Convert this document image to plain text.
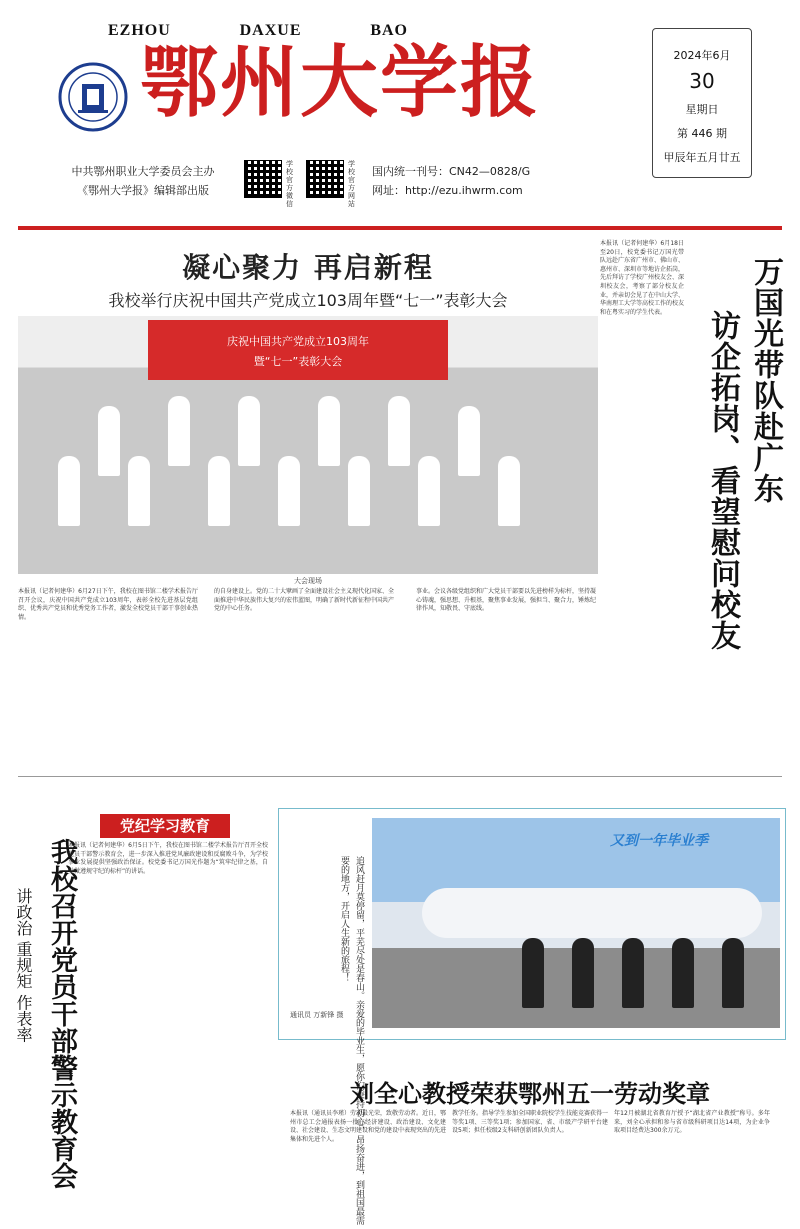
EZHOU	DAXUE	BAO
鄂州大学报	2024年6月
30
星期日
第 446 期
甲辰年五月廿五
中共鄂州职业大学委员会主办
《鄂州大学报》编辑部出版
学校官方微信
学校官方网站
国内统一刊号：CN42—0828/G
网址：http://ezu.ihwrm.com
凝心聚力 再启新程
我校举行庆祝中国共产党成立103周年暨“七一”表彰大会
庆祝中国共产党成立103周年
暨“七一”表彰大会
大会现场
本报讯（记者何建华）6月27日下午，我校在图书馆二楼学术报告厅召开会议，庆祝中国共产党成立103周年，表彰全校先进基层党组织、优秀共产党员和优秀党务工作者，激发全校党员干部干事创业热情。
的自身建设上。党的二十大擘画了全面建设社会主义现代化国家、全面推进中华民族伟大复兴的宏伟蓝图，明确了新时代新征程中国共产党的中心任务。
事业。会议各级党组织和广大党员干部要以先进榜样为标杆，坚持凝心铸魂，强思想、升根基，聚焦事业发展，强担当、聚合力，锤炼纪律作风，知敬畏、守底线。
本报讯（记者何建华）6月18日至20日，校党委书记万国光带队远赴广东省广州市、佛山市、惠州市、深圳市等地访企拓岗，先后拜访了学校广州校友会、深圳校友会，考察了部分校友企业，并亲切会见了在中山大学、华南理工大学等高校工作的校友和在粤实习的学生代表。	万国光带队赴广东
访企拓岗、看望慰问校友
党纪学习教育
我校召开党员干部警示教育会
讲政治 重规矩 作表率
本报讯（记者何建华）6月5日下午，我校在图书馆二楼学术报告厅召开全校党员干部警示教育会，进一步深入推进党风廉政建设和反腐败斗争，为学校事业发展提供坚强政治保证。校党委书记万国光作题为“筑牢纪律之基，自觉做遵规守纪的标杆”的讲话。
又到一年毕业季
追风赶月莫停留，平芜尽处是春山。亲爱的毕业生，愿你们秉持初心，昂扬奋进，到祖国最需要的地方，开启人生新的旅程！
通讯员 万新锋 摄
刘全心教授荣获鄂州五一劳动奖章
本报讯（通讯员李瑾）劳动最光荣，致敬劳动者。近日，鄂州市总工会通报表扬一批在经济建设、政治建设、文化建设、社会建设、生态文明建设和党的建设中表现突出的先进集体和先进个人。
教学任务。指导学生参加全国职业院校学生技能竞赛获得一等奖1项、三等奖1项；参加国家、省、市级产学研平台建设5项；担任校级2支科研创新团队负责人。
年12月被湖北省教育厅授予“湖北省产业教授”称号。多年来，刘全心承担和参与省市级科研项目达14项，为企业争取项目经费达300余万元。
